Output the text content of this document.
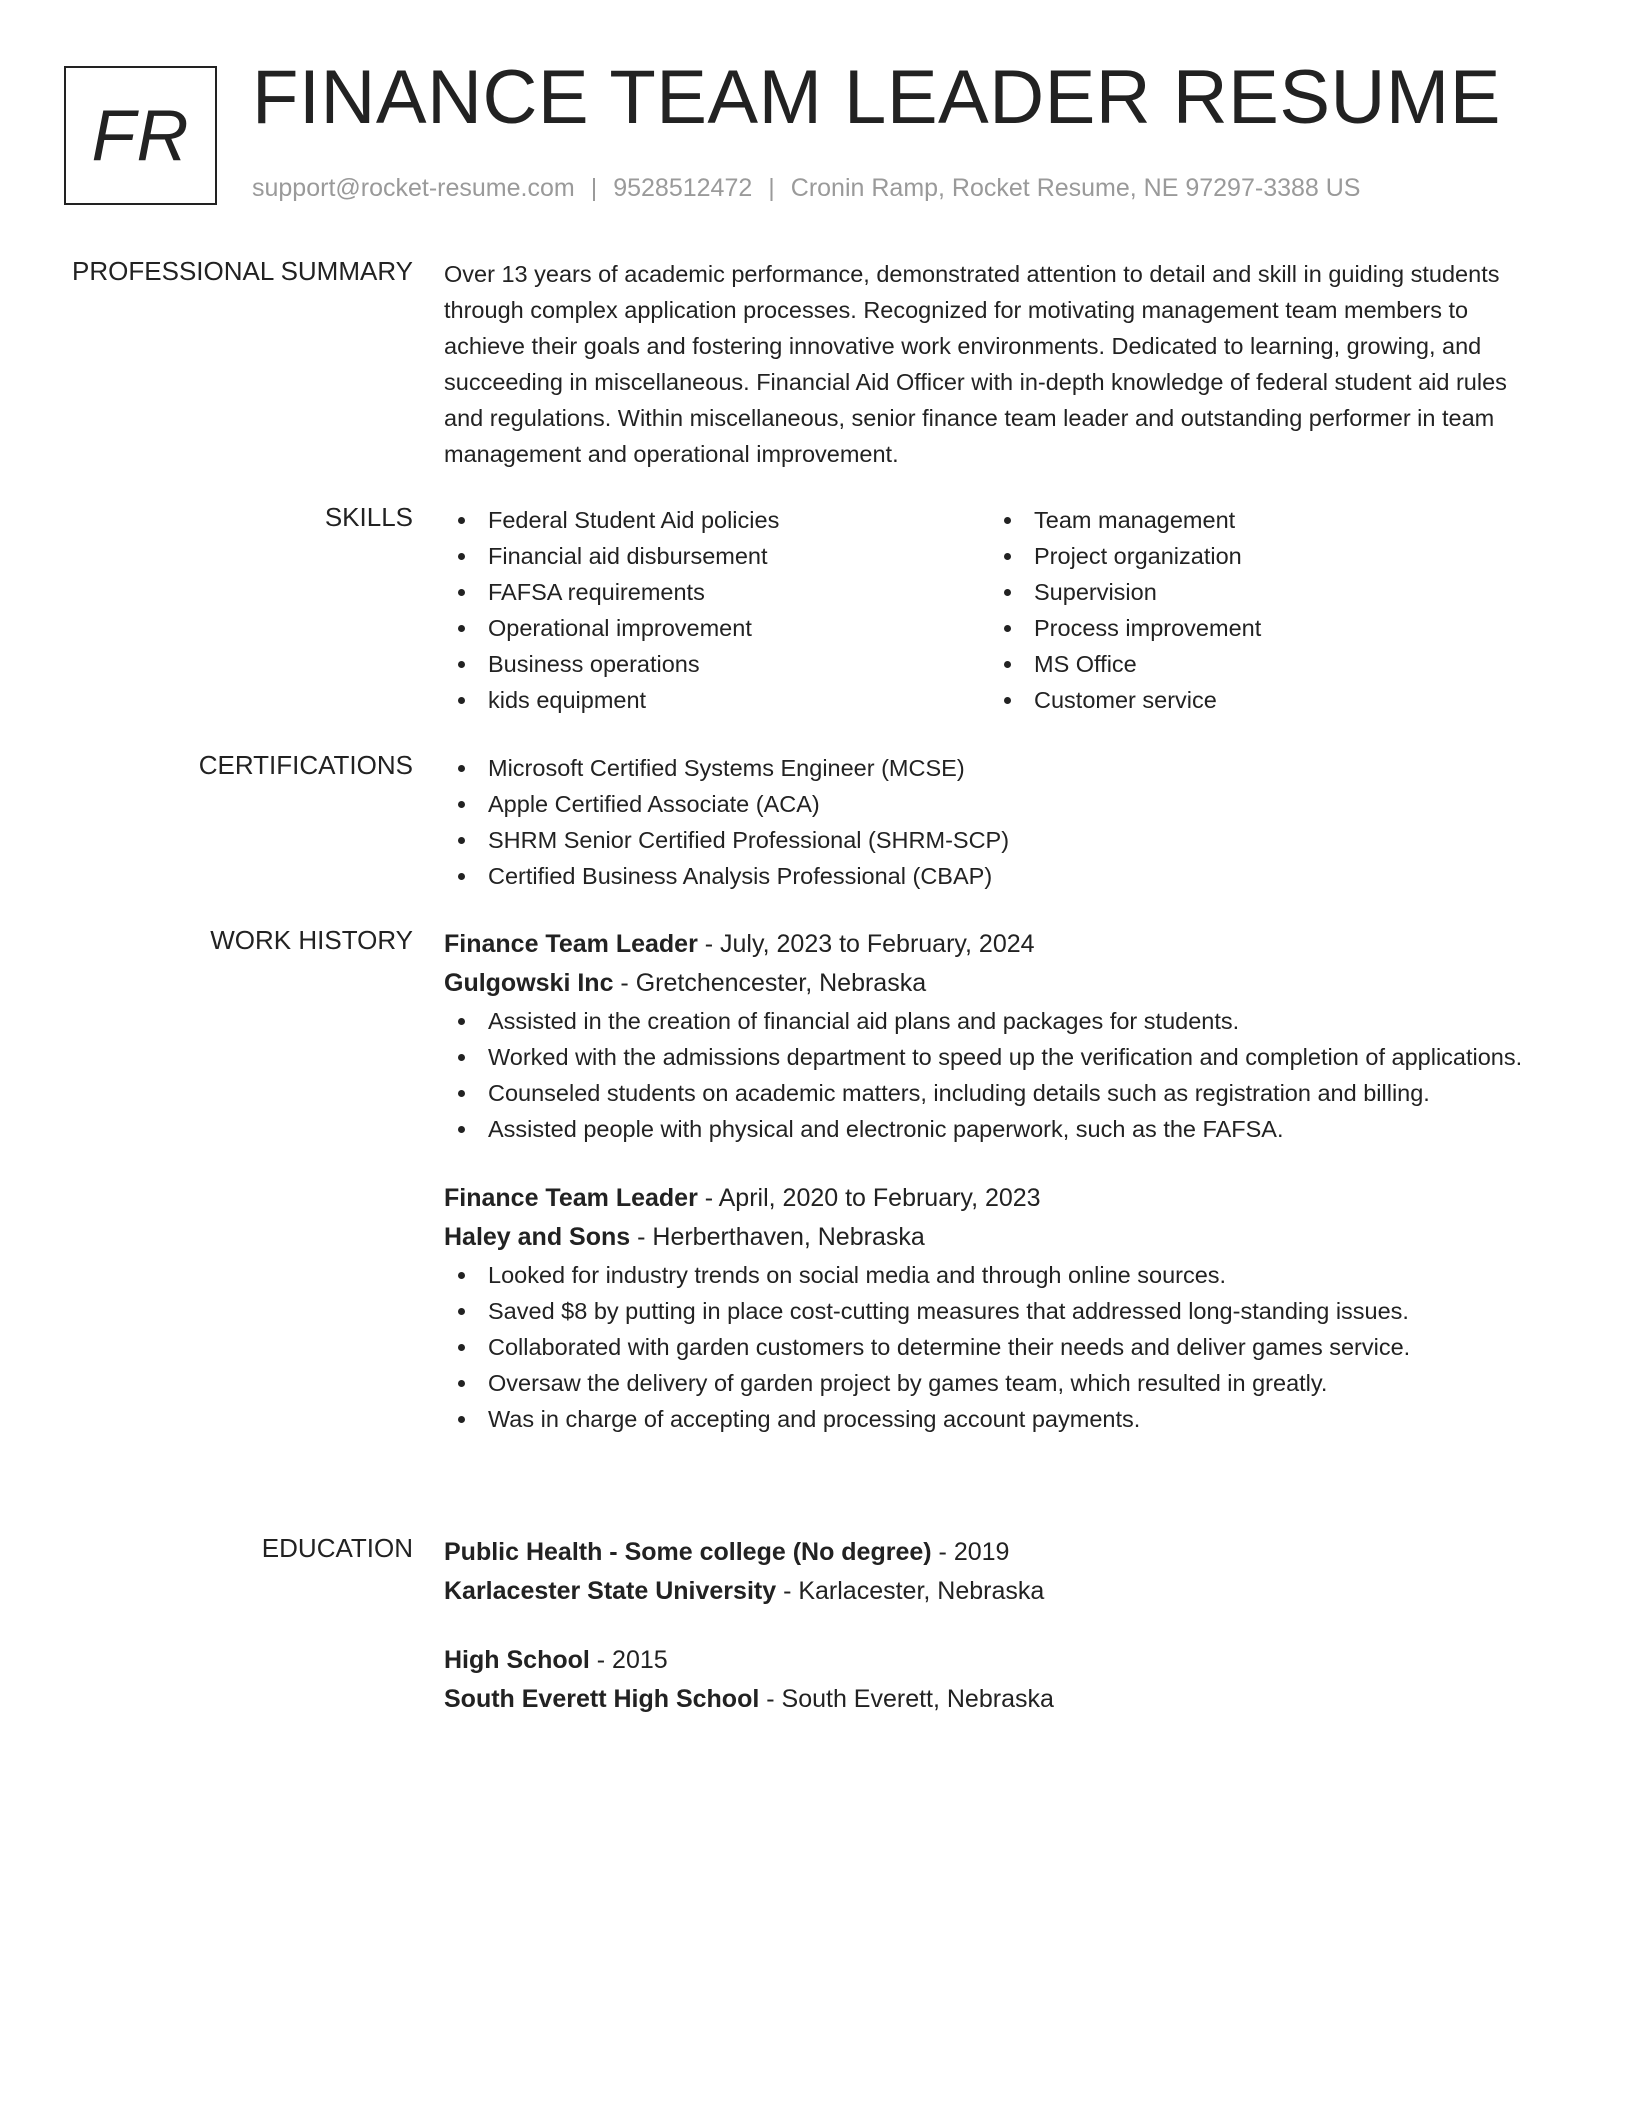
FR FINANCE TEAM LEADER RESUME
support@rocket-resume.com | 9528512472 | Cronin Ramp, Rocket Resume, NE 97297-3388 US
PROFESSIONAL SUMMARY Over 13 years of academic performance, demonstrated attention to detail and skill in guiding students through complex application processes. Recognized for motivating management team members to achieve their goals and fostering innovative work environments. Dedicated to learning, growing, and succeeding in miscellaneous. Financial Aid Officer with in-depth knowledge of federal student aid rules and regulations. Within miscellaneous, senior finance team leader and outstanding performer in team management and operational improvement.

SKILLS	Federal Student Aid policies
Financial aid disbursement
FAFSA requirements
Operational improvement
Business operations
kids equipment
Team management
Project organization
Supervision
Process improvement
MS Office
Customer service
CERTIFICATIONS	Microsoft Certified Systems Engineer (MCSE)
Apple Certified Associate (ACA)
SHRM Senior Certified Professional (SHRM-SCP)
Certified Business Analysis Professional (CBAP)
WORK HISTORY Finance Team Leader - July, 2023 to February, 2024
Gulgowski Inc - Gretchencester, Nebraska
Assisted in the creation of financial aid plans and packages for students.
Worked with the admissions department to speed up the verification and completion of applications.
Counseled students on academic matters, including details such as registration and billing.
Assisted people with physical and electronic paperwork, such as the FAFSA.
Finance Team Leader - April, 2020 to February, 2023
Haley and Sons - Herberthaven, Nebraska
Looked for industry trends on social media and through online sources.
Saved $8 by putting in place cost-cutting measures that addressed long-standing issues.
Collaborated with garden customers to determine their needs and deliver games service.
Oversaw the delivery of garden project by games team, which resulted in greatly.
Was in charge of accepting and processing account payments.
EDUCATION Public Health - Some college (No degree) - 2019
Karlacester State University - Karlacester, Nebraska
High School - 2015
South Everett High School - South Everett, Nebraska
